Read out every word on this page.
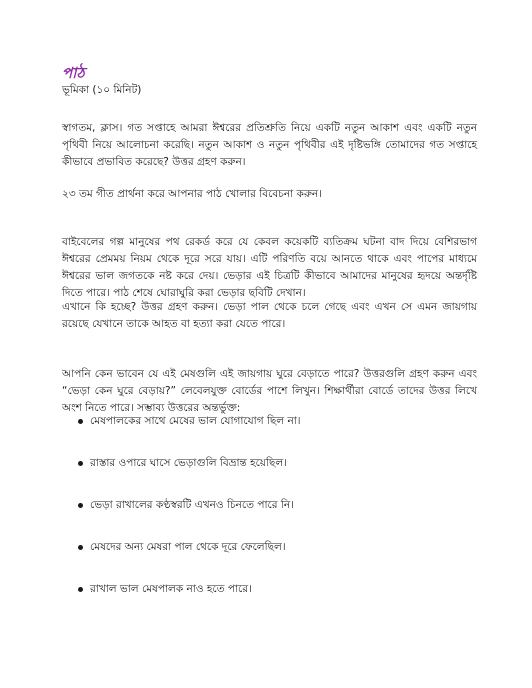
পাঠ
ভূমিকা (১০ মিনিট)

স্বাগতম, ক্লাস। গত সপ্তাহে আমরা ঈশ্বরের প্রতিশ্রুতি নিয়ে একটি নতুন আকাশ এবং একটি নতুন পৃথিবী নিয়ে আলোচনা করেছি। নতুন আকাশ ও নতুন পৃথিবীর এই দৃষ্টিভঙ্গি তোমাদের গত সপ্তাহে কীভাবে প্রভাবিত করেছে? উত্তর গ্রহণ করুন।

২৩ তম গীত প্রার্থনা করে আপনার পাঠ খোলার বিবেচনা করুন।

বাইবেলের গল্প মানুষের পথ রেকর্ড করে যে কেবল কয়েকটি ব্যতিক্রম ঘটনা বাদ দিয়ে বেশিরভাগ ঈশ্বরের প্রেমময় নিয়ম থেকে দূরে সরে যায়। এটি পরিণতি বয়ে আনতে থাকে এবং পাপের মাধ্যমে ঈশ্বরের ভাল জগতকে নষ্ট করে দেয়। ভেড়ার এই চিত্রটি কীভাবে আমাদের মানুষের হৃদয়ে অন্তর্দৃষ্টি দিতে পারে। পাঠ শেষে ঘোরাঘুরি করা ভেড়ার ছবিটি দেখান।

এখানে কি হচ্ছে? উত্তর গ্রহণ করুন। ভেড়া পাল থেকে চলে গেছে এবং এখন সে এমন জায়গায় রয়েছে যেখানে তাকে আহত বা হত্যা করা যেতে পারে।

আপনি কেন ভাবেন যে এই মেষগুলি এই জায়গায় ঘুরে বেড়াতে পারে? উত্তরগুলি গ্রহণ করুন এবং “ভেড়া কেন ঘুরে বেড়ায়?” লেবেলযুক্ত বোর্ডের পাশে লিখুন। শিক্ষার্থীরা বোর্ডে তাদের উত্তর লিখে অংশ নিতে পারে। সম্ভাব্য উত্তরের অন্তর্ভুক্ত:

মেষপালকের সাথে মেষের ভাল যোগাযোগ ছিল না।
রাস্তার ওপারে ঘাসে ভেড়াগুলি বিভ্রান্ত হয়েছিল।
ভেড়া রাখালের কণ্ঠস্বরটি এখনও চিনতে পারে নি।
মেষদের অন্য মেষরা পাল থেকে দূরে ফেলেছিল।
রাখাল ভাল মেষপালক নাও হতে পারে।
